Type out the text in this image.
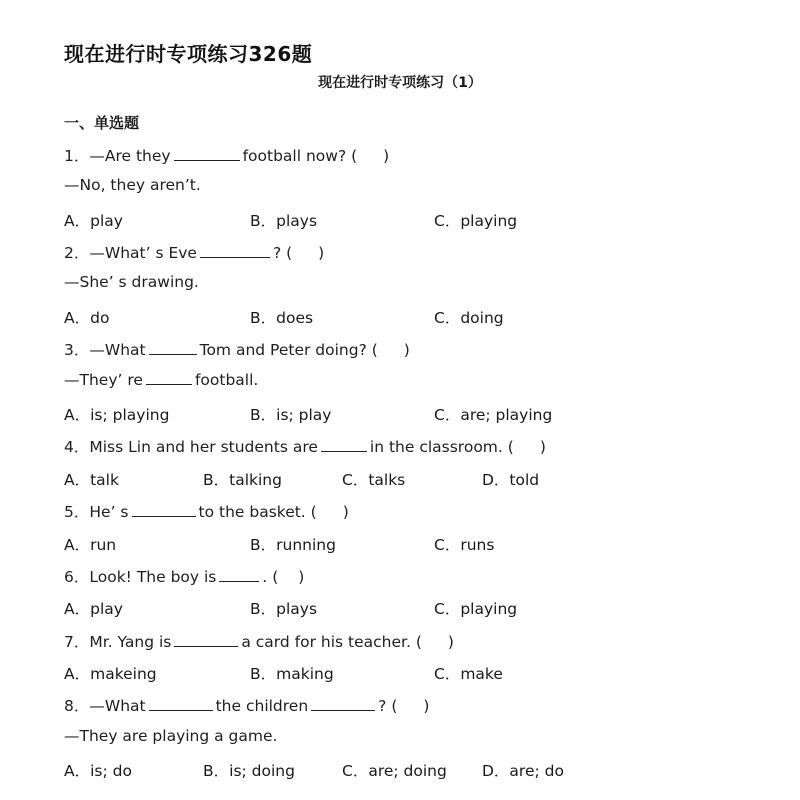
现在进行时专项练习326题
现在进行时专项练习（1）
一、单选题
1．—Are they	football now? ( )
—No, they aren’t.
A．play	B．plays	C．playing
2．—What’ s Eve	? ( )
—She’ s drawing.
A．do	B．does	C．doing
3．—What	Tom and Peter doing? ( )
—They’ re	football.
A．is; playing	B．is; play	C．are; playing
4．Miss Lin and her students are	in the classroom. ( )
A．talk	B．talking	C．talks	D．told
5．He’ s	to the basket. ( )
A．run	B．running	C．runs
6．Look! The boy is	. ( )
A．play	B．plays	C．playing
7．Mr. Yang is	a card for his teacher. ( )
A．makeing	B．making	C．make
8．—What	the children	? ( )
—They are playing a game.
A．is; do	B．is; doing	C．are; doing D．are; do
